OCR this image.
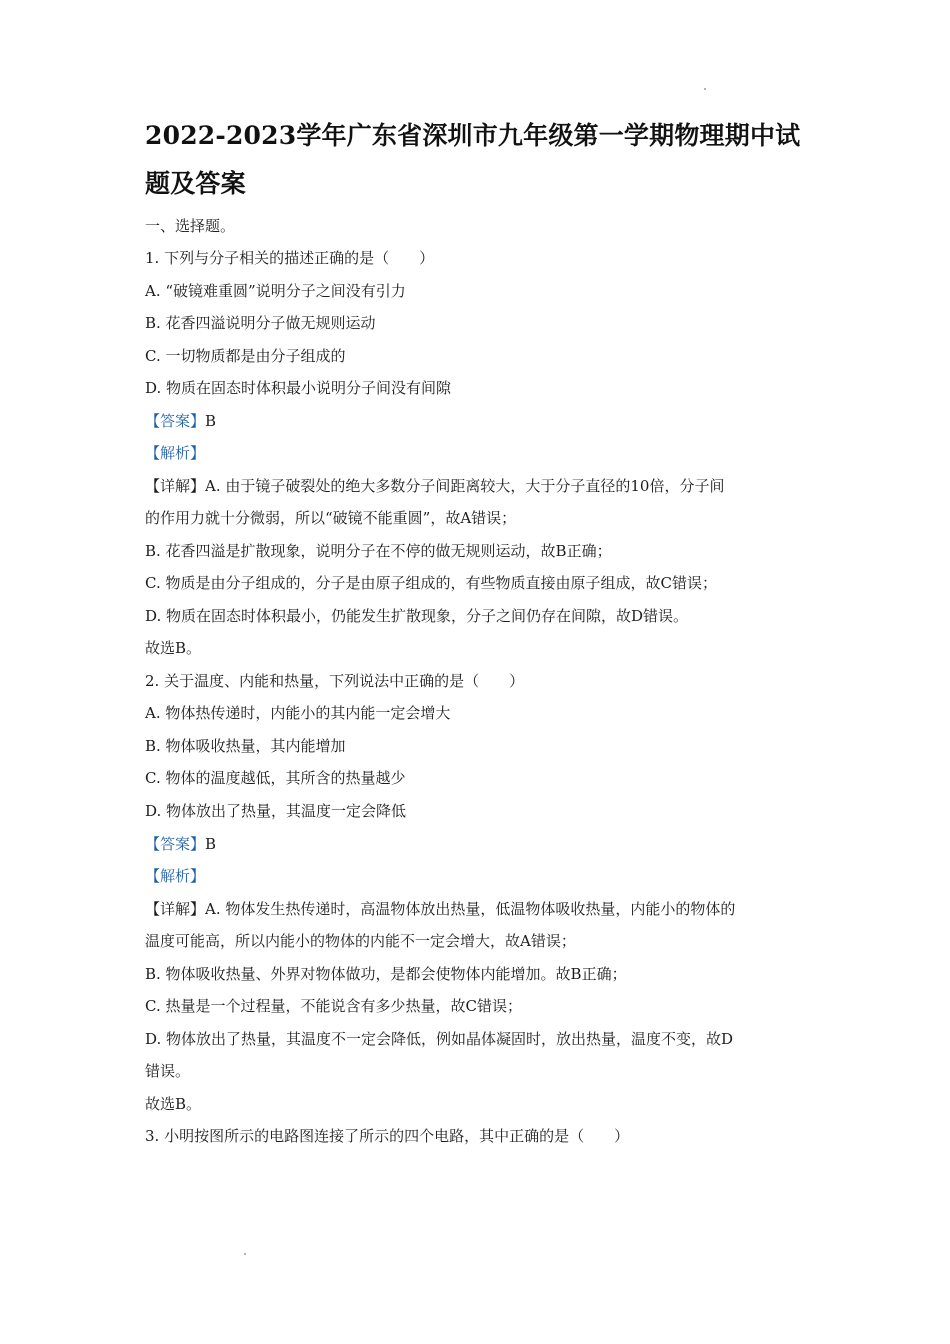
2022-2023学年广东省深圳市九年级第一学期物理期中试题及答案
一、选择题。
1. 下列与分子相关的描述正确的是（　　）
A. “破镜难重圆”说明分子之间没有引力
B. 花香四溢说明分子做无规则运动
C. 一切物质都是由分子组成的
D. 物质在固态时体积最小说明分子间没有间隙
【答案】B
【解析】
【详解】A. 由于镜子破裂处的绝大多数分子间距离较大，大于分子直径的10倍，分子间
的作用力就十分微弱，所以“破镜不能重圆”，故A错误；
B. 花香四溢是扩散现象，说明分子在不停的做无规则运动，故B正确；
C. 物质是由分子组成的，分子是由原子组成的，有些物质直接由原子组成，故C错误；
D. 物质在固态时体积最小，仍能发生扩散现象，分子之间仍存在间隙，故D错误。
故选B。
2. 关于温度、内能和热量，下列说法中正确的是（　　）
A. 物体热传递时，内能小的其内能一定会增大
B. 物体吸收热量，其内能增加
C. 物体的温度越低，其所含的热量越少
D. 物体放出了热量，其温度一定会降低
【答案】B
【解析】
【详解】A. 物体发生热传递时，高温物体放出热量，低温物体吸收热量，内能小的物体的
温度可能高，所以内能小的物体的内能不一定会增大，故A错误；
B. 物体吸收热量、外界对物体做功，是都会使物体内能增加。故B正确；
C. 热量是一个过程量，不能说含有多少热量，故C错误；
D. 物体放出了热量，其温度不一定会降低，例如晶体凝固时，放出热量，温度不变，故D
错误。
故选B。
3. 小明按图所示的电路图连接了所示的四个电路，其中正确的是（　　）
